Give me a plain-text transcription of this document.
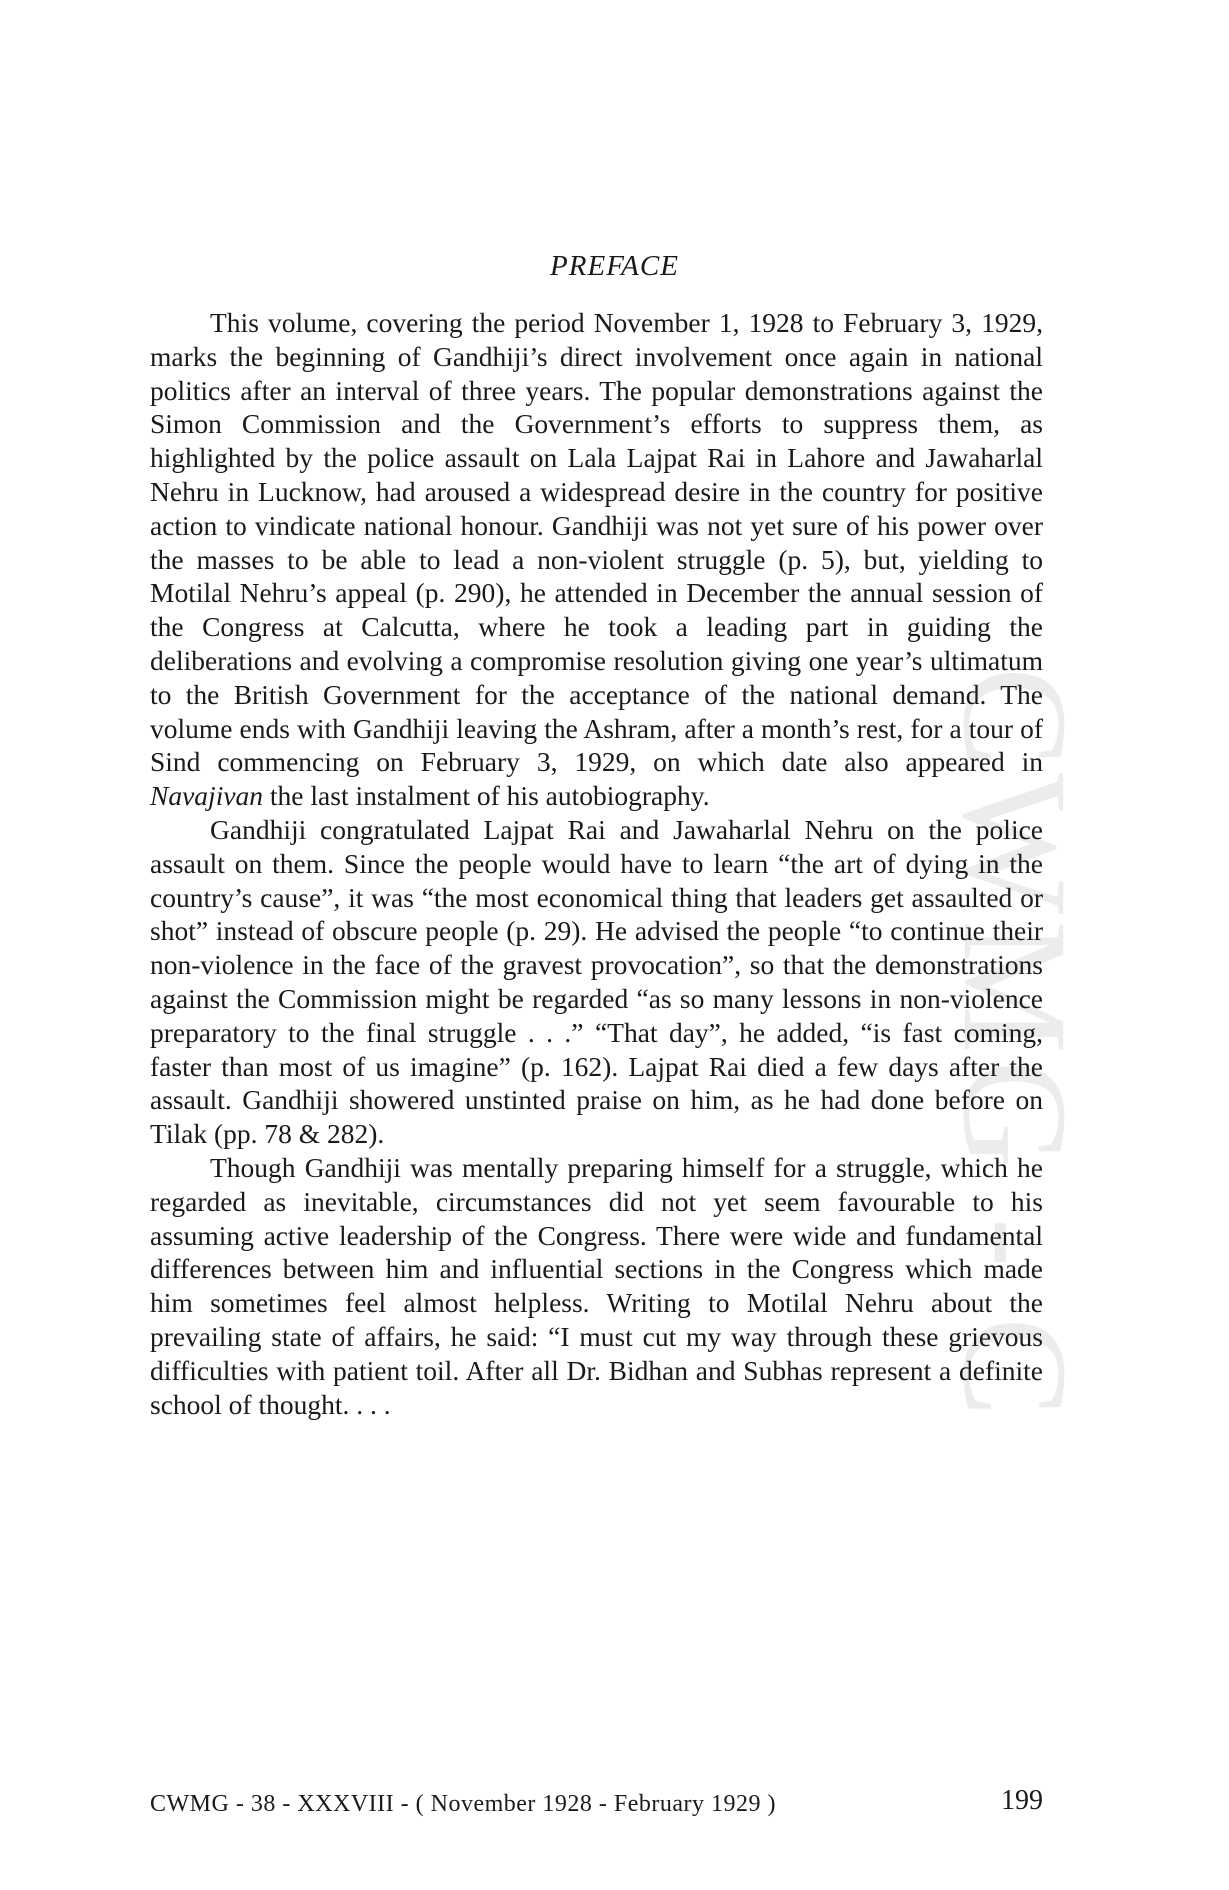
CWMG - C
PREFACE

This volume, covering the period November 1, 1928 to February 3, 1929, marks the beginning of Gandhiji’s direct involvement once again in national politics after an interval of three years. The popular demonstrations against the Simon Commission and the Government’s efforts to suppress them, as highlighted by the police assault on Lala Lajpat Rai in Lahore and Jawaharlal Nehru in Lucknow, had aroused a widespread desire in the country for positive action to vindicate national honour. Gandhiji was not yet sure of his power over the masses to be able to lead a non-violent struggle (p. 5), but, yielding to Motilal Nehru’s appeal (p. 290), he attended in December the annual session of the Congress at Calcutta, where he took a leading part in guiding the deliberations and evolving a compromise resolution giving one year’s ultimatum to the British Government for the acceptance of the national demand. The volume ends with Gandhiji leaving the Ashram, after a month’s rest, for a tour of Sind commencing on February 3, 1929, on which date also appeared in Navajivan the last instalment of his autobiography.

Gandhiji congratulated Lajpat Rai and Jawaharlal Nehru on the police assault on them. Since the people would have to learn “the art of dying in the country’s cause”, it was “the most economical thing that leaders get assaulted or shot” instead of obscure people (p. 29). He advised the people “to continue their non-violence in the face of the gravest provocation”, so that the demonstrations against the Commission might be regarded “as so many lessons in non-violence preparatory to the final struggle . . .” “That day”, he added, “is fast coming, faster than most of us imagine” (p. 162). Lajpat Rai died a few days after the assault. Gandhiji showered unstinted praise on him, as he had done before on Tilak (pp. 78 & 282).

Though Gandhiji was mentally preparing himself for a struggle, which he regarded as inevitable, circumstances did not yet seem favourable to his assuming active leadership of the Congress. There were wide and fundamental differences between him and influential sections in the Congress which made him sometimes feel almost helpless. Writing to Motilal Nehru about the prevailing state of affairs, he said: “I must cut my way through these grievous difficulties with patient toil. After all Dr. Bidhan and Subhas represent a definite school of thought. . . .

CWMG - 38 - XXXVIII - ( November 1928 - February 1929 )	199
